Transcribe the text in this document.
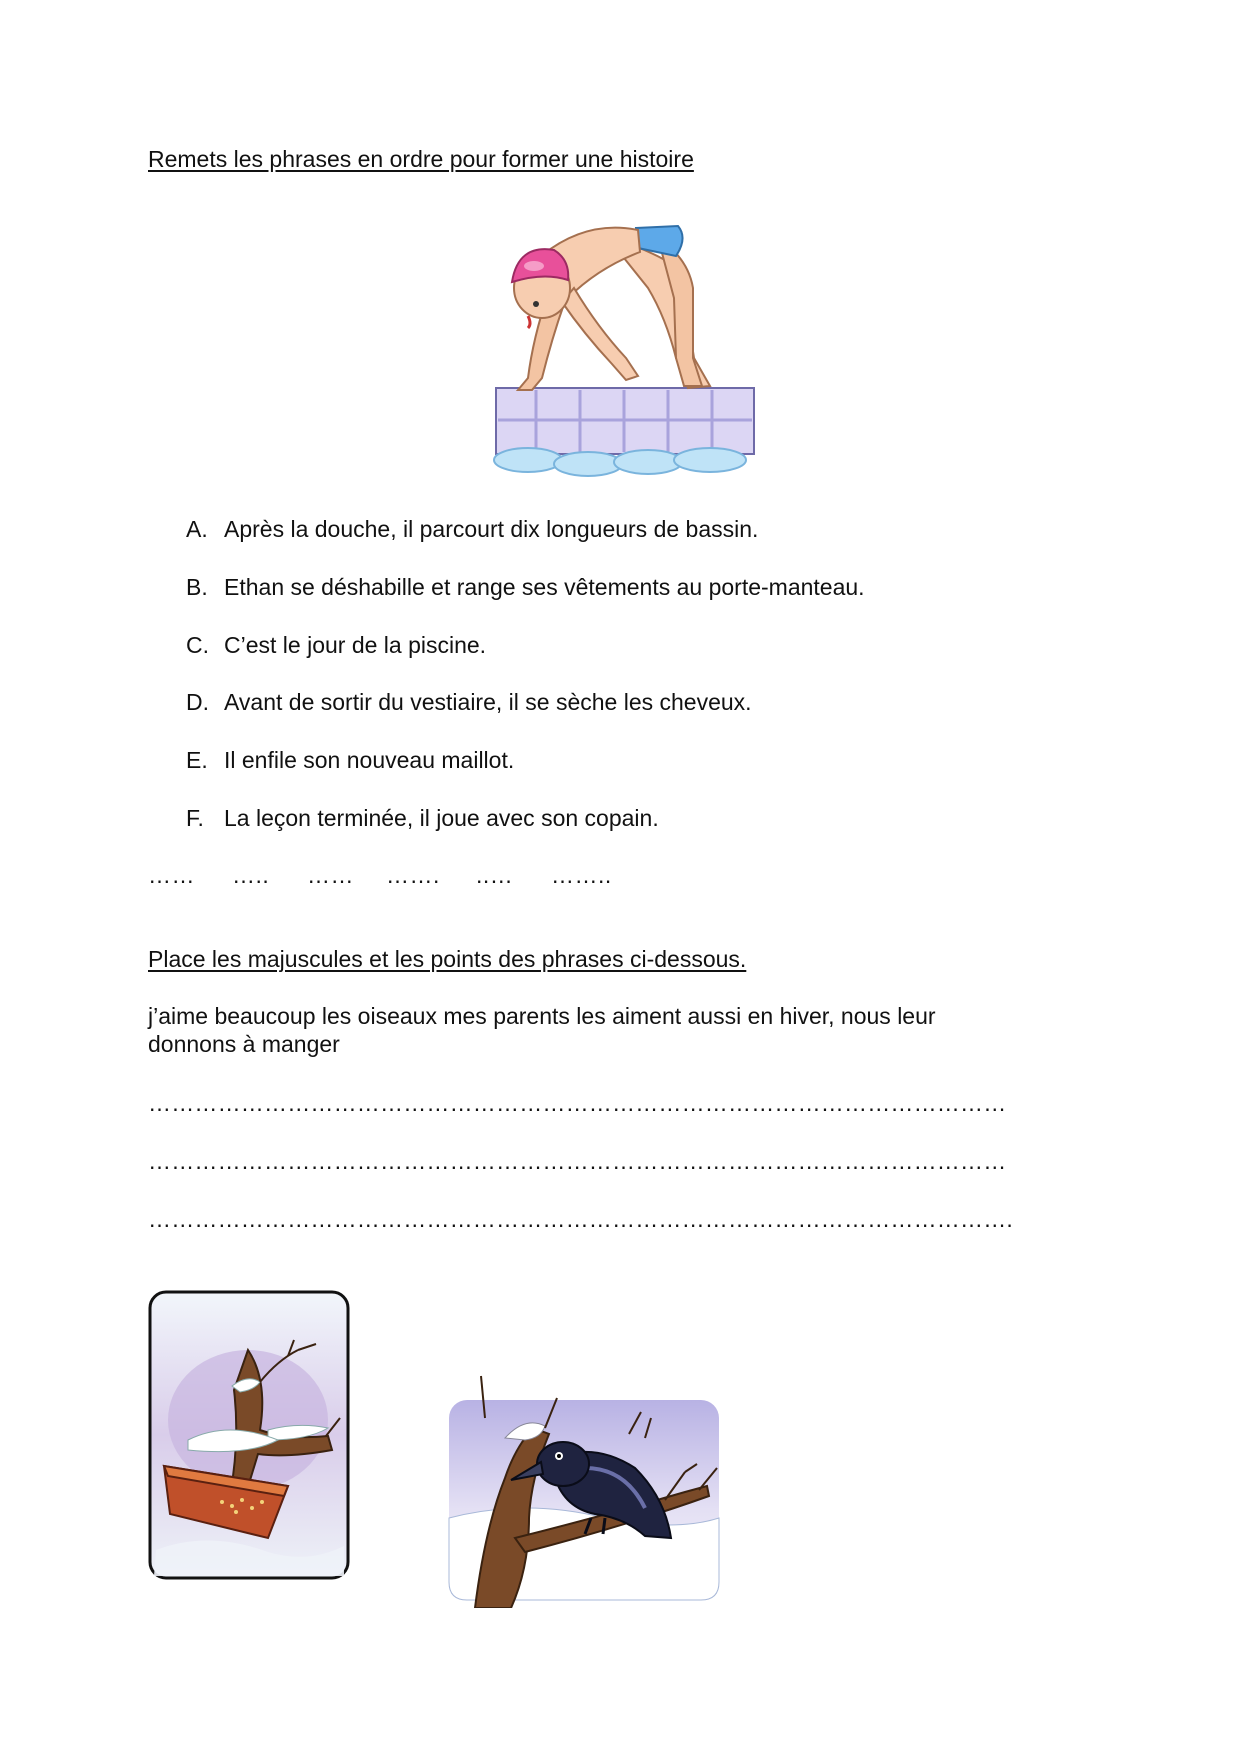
Remets les phrases en ordre pour former une histoire
A. Après la douche, il parcourt dix longueurs de bassin.
B. Ethan se déshabille et range ses vêtements au porte-manteau.
C. C’est le jour de la piscine.
D. Avant de sortir du vestiaire, il se sèche les cheveux.
E. Il enfile son nouveau maillot.
F. La leçon terminée, il joue avec son copain.
…… ….. …… ……. ..… ……..
Place les majuscules et les points des phrases ci-dessous.
j’aime beaucoup les oiseaux mes parents les aiment aussi en hiver, nous leur
donnons à manger
…………………………………………………………………………………………………
…………………………………………………………………………………………………
………………………………………………………………………………………………….
